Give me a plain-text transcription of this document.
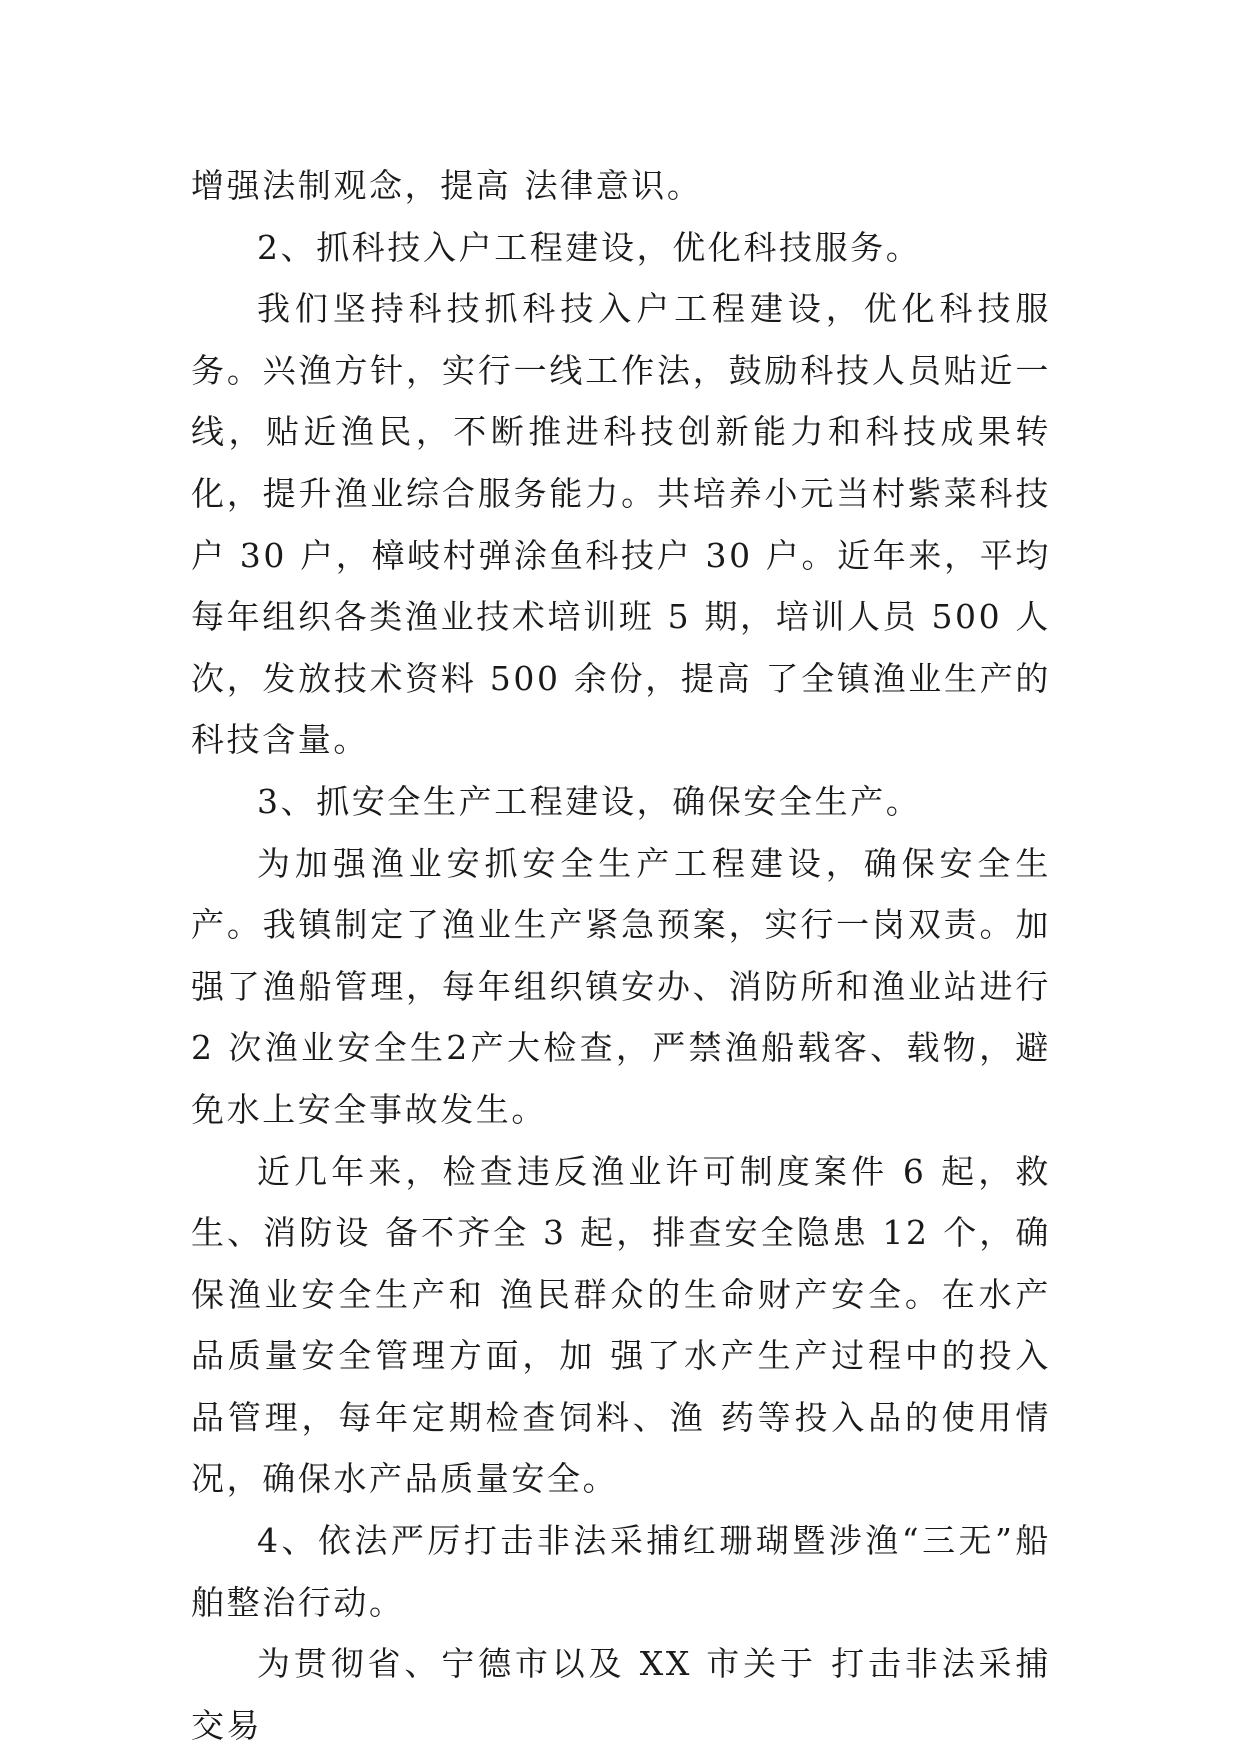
增强法制观念，提高 法律意识。

2、抓科技入户工程建设，优化科技服务。

我们坚持科技抓科技入户工程建设，优化科技服务。兴渔方针，实行一线工作法，鼓励科技人员贴近一线，贴近渔民，不断推进科技创新能力和科技成果转化，提升渔业综合服务能力。共培养小元当村紫菜科技户 30 户，樟岐村弹涂鱼科技户 30 户。近年来，平均每年组织各类渔业技术培训班 5 期，培训人员 500 人次，发放技术资料 500 余份，提高 了全镇渔业生产的科技含量。

3、抓安全生产工程建设，确保安全生产。

为加强渔业安抓安全生产工程建设，确保安全生产。我镇制定了渔业生产紧急预案，实行一岗双责。加强了渔船管理，每年组织镇安办、消防所和渔业站进行 2 次渔业安全生2产大检查，严禁渔船载客、载物，避免水上安全事故发生。

近几年来，检查违反渔业许可制度案件 6 起，救生、消防设 备不齐全 3 起，排查安全隐患 12 个，确保渔业安全生产和 渔民群众的生命财产安全。在水产品质量安全管理方面，加 强了水产生产过程中的投入品管理，每年定期检查饲料、渔 药等投入品的使用情况，确保水产品质量安全。

4、依法严厉打击非法采捕红珊瑚暨涉渔“三无”船舶整治行动。

为贯彻省、宁德市以及 XX 市关于 打击非法采捕交易
